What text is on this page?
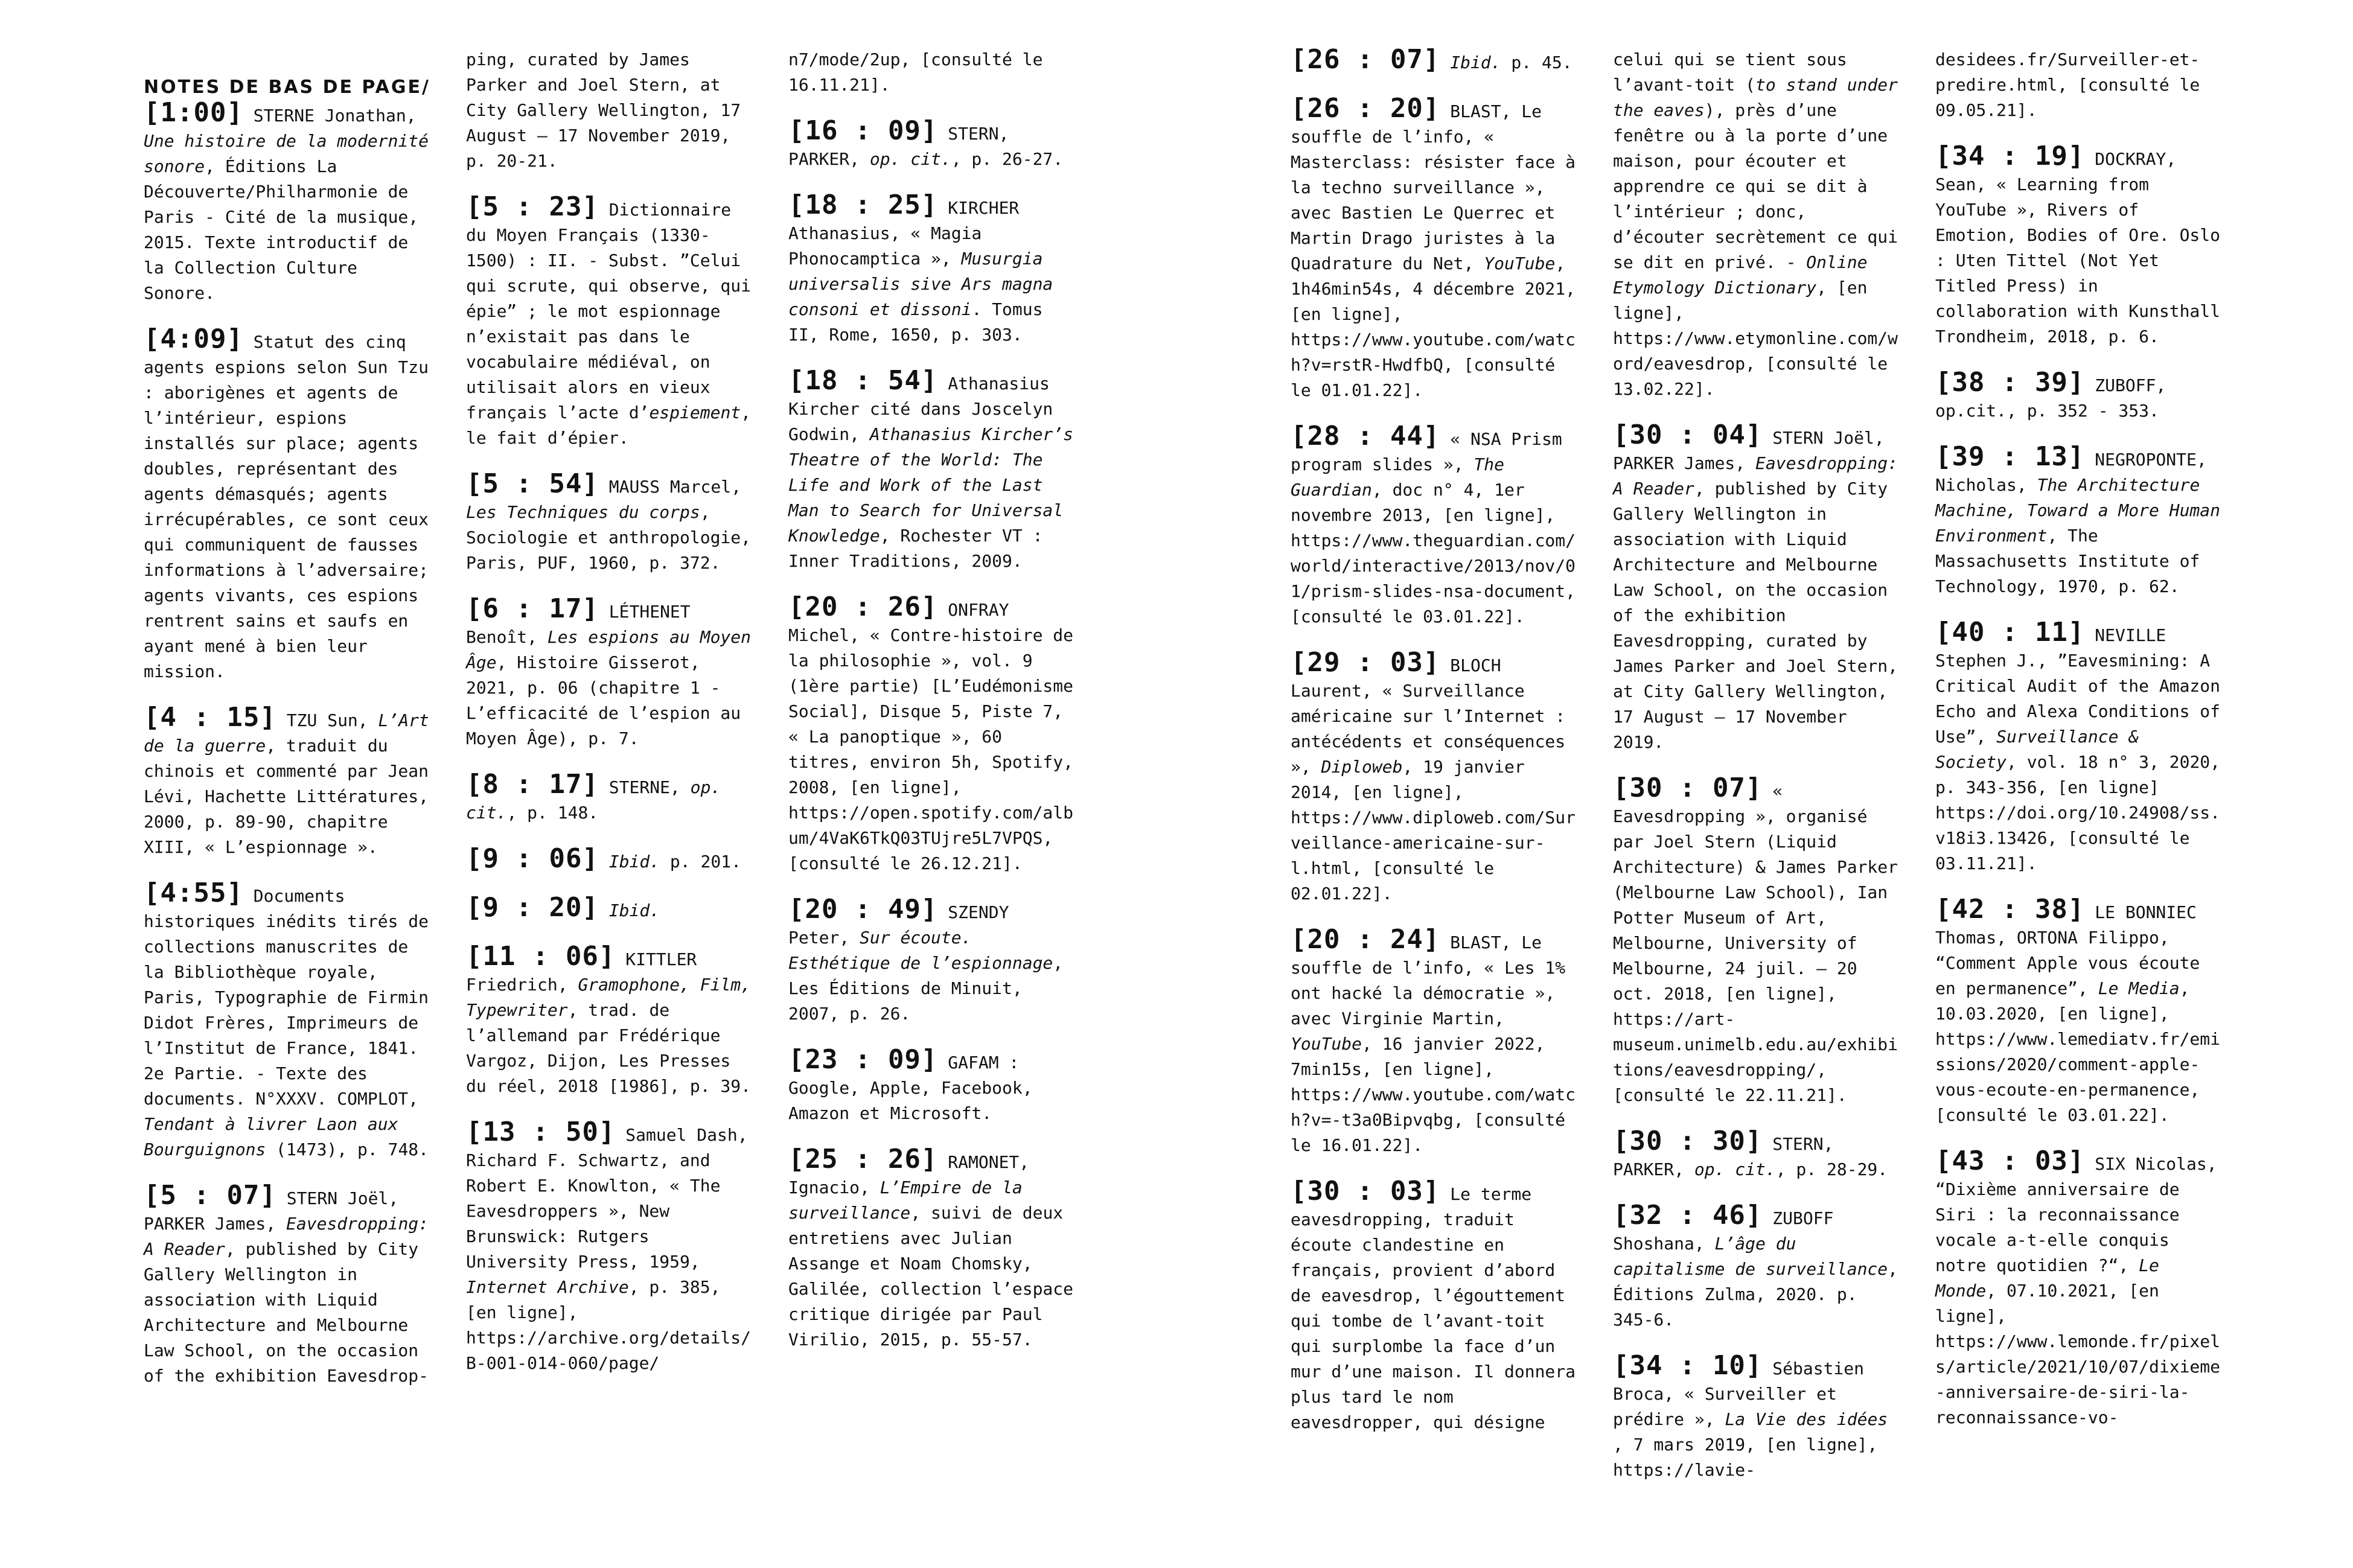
NOTES DE BAS DE PAGE/
[1:00] STERNE Jonathan, Une histoire de la modernité sonore, Éditions La Découverte/Philharmonie de Paris - Cité de la musique, 2015. Texte introductif de la Collection Culture Sonore.
[4:09] Statut des cinq agents espions selon Sun Tzu : aborigènes et agents de l’intérieur, espions installés sur place; agents doubles, représentant des agents démasqués; agents irrécupérables, ce sont ceux qui communiquent de fausses informations à l’adversaire; agents vivants, ces espions rentrent sains et saufs en ayant mené à bien leur mission.
[4 : 15] TZU Sun, L’Art de la guerre, traduit du chinois et commenté par Jean Lévi, Hachette Littératures, 2000, p. 89-90, chapitre XIII, « L’espionnage ».
[4:55] Documents historiques inédits tirés de collections manuscrites de la Bibliothèque royale, Paris, Typographie de Firmin Didot Frères, Imprimeurs de l’Institut de France, 1841. 2e Partie. - Texte des documents. N°XXXV. COMPLOT, Tendant à livrer Laon aux Bourguignons (1473), p. 748.
[5 : 07] STERN Joël, PARKER James, Eavesdropping: A Reader, published by City Gallery Wellington in association with Liquid Architecture and Melbourne Law School, on the occasion of the exhibition Eavesdrop-
ping, curated by James Parker and Joel Stern, at City Gallery Wellington, 17 August – 17 November 2019, p. 20-21.
[5 : 23] Dictionnaire du Moyen Français (1330-1500) : II. - Subst. ”Celui qui scrute, qui observe, qui épie” ; le mot espionnage n’existait pas dans le vocabulaire médiéval, on utilisait alors en vieux français l’acte d’espiement, le fait d’épier.
[5 : 54] MAUSS Marcel, Les Techniques du corps, Sociologie et anthropologie, Paris, PUF, 1960, p. 372.
[6 : 17] LÉTHENET Benoît, Les espions au Moyen Âge, Histoire Gisserot, 2021, p. 06 (chapitre 1 - L’efficacité de l’espion au Moyen Âge), p. 7.
[8 : 17] STERNE, op. cit., p. 148.
[9 : 06] Ibid. p. 201.
[9 : 20] Ibid.
[11 : 06] KITTLER Friedrich, Gramophone, Film, Typewriter, trad. de l’allemand par Frédérique Vargoz, Dijon, Les Presses du réel, 2018 [1986], p. 39.
[13 : 50] Samuel Dash, Richard F. Schwartz, and Robert E. Knowlton, « The Eavesdroppers », New Brunswick: Rutgers University Press, 1959, Internet Archive, p. 385, [en ligne], https://archive.org/details/B-001-014-060/page/
n7/mode/2up, [consulté le 16.11.21].
[16 : 09] STERN, PARKER, op. cit., p. 26-27.
[18 : 25] KIRCHER Athanasius, « Magia Phonocamptica », Musurgia universalis sive Ars magna consoni et dissoni. Tomus II, Rome, 1650, p. 303.
[18 : 54] Athanasius Kircher cité dans Joscelyn Godwin, Athanasius Kircher’s Theatre of the World: The Life and Work of the Last Man to Search for Universal Knowledge, Rochester VT : Inner Traditions, 2009.
[20 : 26] ONFRAY Michel, « Contre-histoire de la philosophie », vol. 9 (1ère partie) [L’Eudémonisme Social], Disque 5, Piste 7, « La panoptique », 60 titres, environ 5h, Spotify, 2008, [en ligne], https://open.spotify.com/album/4VaK6TkQ03TUjre5L7VPQS, [consulté le 26.12.21].
[20 : 49] SZENDY Peter, Sur écoute. Esthétique de l’espionnage, Les Éditions de Minuit, 2007, p. 26.
[23 : 09] GAFAM : Google, Apple, Facebook, Amazon et Microsoft.
[25 : 26] RAMONET, Ignacio, L’Empire de la surveillance, suivi de deux entretiens avec Julian Assange et Noam Chomsky, Galilée, collection l’espace critique dirigée par Paul Virilio, 2015, p. 55-57.
[26 : 07] Ibid. p. 45.
[26 : 20] BLAST, Le souffle de l’info, « Masterclass: résister face à la techno surveillance », avec Bastien Le Querrec et Martin Drago juristes à la Quadrature du Net, YouTube, 1h46min54s, 4 décembre 2021, [en ligne], https://www.youtube.com/watch?v=rstR-HwdfbQ, [consulté le 01.01.22].
[28 : 44] « NSA Prism program slides », The Guardian, doc n° 4, 1er novembre 2013, [en ligne], https://www.theguardian.com/world/interactive/2013/nov/01/prism-slides-nsa-document, [consulté le 03.01.22].
[29 : 03] BLOCH Laurent, « Surveillance américaine sur l’Internet : antécédents et conséquences », Diploweb, 19 janvier 2014, [en ligne], https://www.diploweb.com/Surveillance-americaine-sur-l.html, [consulté le 02.01.22].
[20 : 24] BLAST, Le souffle de l’info, « Les 1% ont hacké la démocratie », avec Virginie Martin, YouTube, 16 janvier 2022, 7min15s, [en ligne], https://www.youtube.com/watch?v=-t3a0Bipvqbg, [consulté le 16.01.22].
[30 : 03] Le terme eavesdropping, traduit écoute clandestine en français, provient d’abord de eavesdrop, l’égouttement qui tombe de l’avant-toit qui surplombe la face d’un mur d’une maison. Il donnera plus tard le nom eavesdropper, qui désigne
celui qui se tient sous l’avant-toit (to stand under the eaves), près d’une fenêtre ou à la porte d’une maison, pour écouter et apprendre ce qui se dit à l’intérieur ; donc, d’écouter secrètement ce qui se dit en privé. - Online Etymology Dictionary, [en ligne], https://www.etymonline.com/word/eavesdrop, [consulté le 13.02.22].
[30 : 04] STERN Joël, PARKER James, Eavesdropping: A Reader, published by City Gallery Wellington in association with Liquid Architecture and Melbourne Law School, on the occasion of the exhibition Eavesdropping, curated by James Parker and Joel Stern, at City Gallery Wellington, 17 August – 17 November 2019.
[30 : 07] « Eavesdropping », organisé par Joel Stern (Liquid Architecture) & James Parker (Melbourne Law School), Ian Potter Museum of Art, Melbourne, University of Melbourne, 24 juil. – 20 oct. 2018, [en ligne], https://art-museum.unimelb.edu.au/exhibitions/eavesdropping/, [consulté le 22.11.21].
[30 : 30] STERN, PARKER, op. cit., p. 28-29.
[32 : 46] ZUBOFF Shoshana, L’âge du capitalisme de surveillance, Éditions Zulma, 2020. p. 345-6.
[34 : 10] Sébastien Broca, « Surveiller et prédire », La Vie des idées , 7 mars 2019, [en ligne], https://lavie-
desidees.fr/Surveiller-et-predire.html, [consulté le 09.05.21].
[34 : 19] DOCKRAY, Sean, « Learning from YouTube », Rivers of Emotion, Bodies of Ore. Oslo : Uten Tittel (Not Yet Titled Press) in collaboration with Kunsthall Trondheim, 2018, p. 6.
[38 : 39] ZUBOFF, op.cit., p. 352 - 353.
[39 : 13] NEGROPONTE, Nicholas, The Architecture Machine, Toward a More Human Environment, The Massachusetts Institute of Technology, 1970, p. 62.
[40 : 11] NEVILLE Stephen J., ”Eavesmining: A Critical Audit of the Amazon Echo and Alexa Conditions of Use”, Surveillance & Society, vol. 18 n° 3, 2020, p. 343-356, [en ligne] https://doi.org/10.24908/ss.v18i3.13426, [consulté le 03.11.21].
[42 : 38] LE BONNIEC Thomas, ORTONA Filippo, “Comment Apple vous écoute en permanence”, Le Media, 10.03.2020, [en ligne], https://www.lemediatv.fr/emissions/2020/comment-apple-vous-ecoute-en-permanence, [consulté le 03.01.22].
[43 : 03] SIX Nicolas, “Dixième anniversaire de Siri : la reconnaissance vocale a-t-elle conquis notre quotidien ?“, Le Monde, 07.10.2021, [en ligne], https://www.lemonde.fr/pixels/article/2021/10/07/dixieme-anniversaire-de-siri-la-reconnaissance-vo-
